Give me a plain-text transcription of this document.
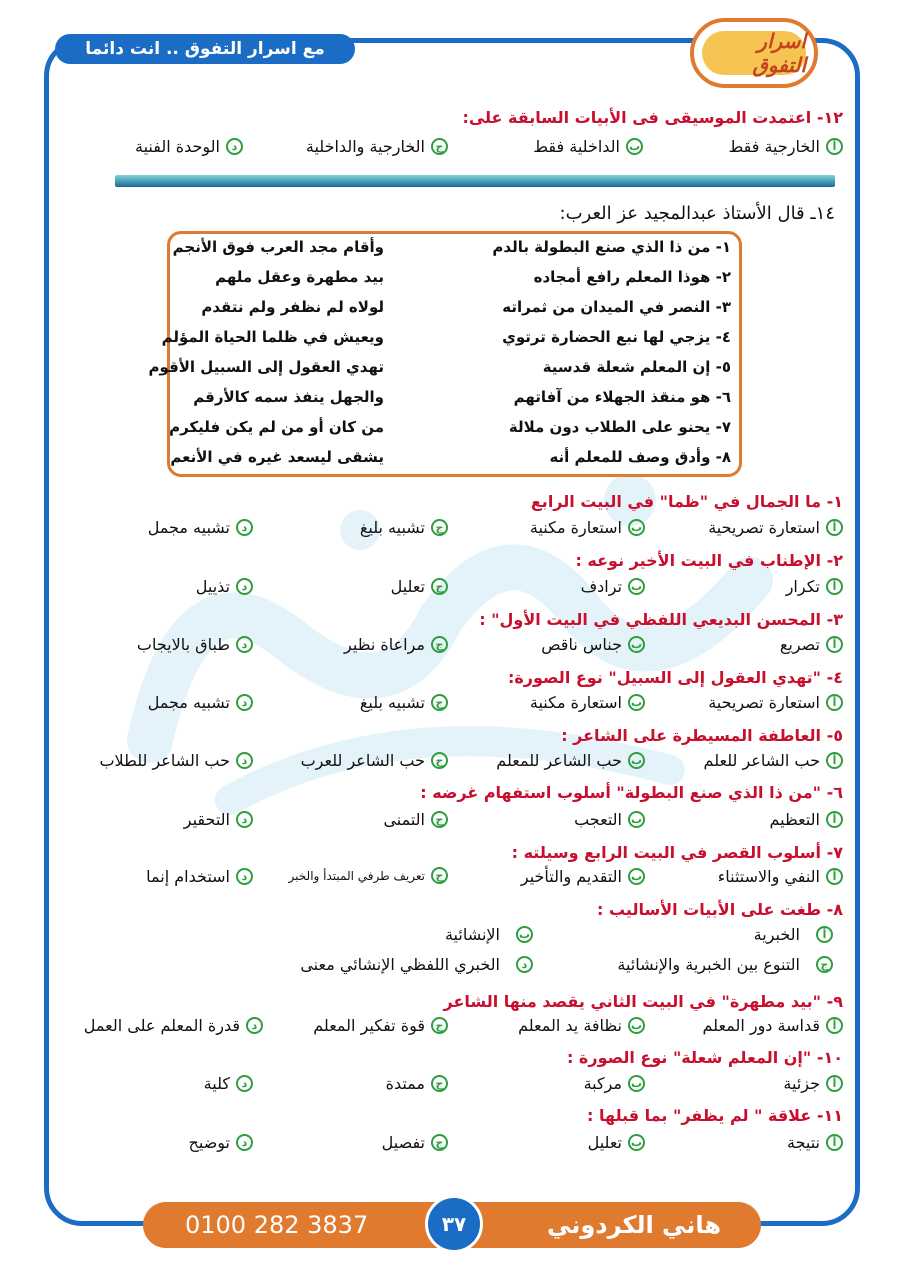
مع اسرار التفوق .. انت دائما متفوق
اسرار التفوق
١٢- اعتمدت الموسيقى فى الأبيات السابقة على:
أ
الخارجية فقط
ب
الداخلية فقط
ج
الخارجية والداخلية
د
الوحدة الفنية
١٤ـ قال الأستاذ عبدالمجيد عز العرب:
١- من ذا الذي صنع البطولة بالدم
وأقام مجد العرب فوق الأنجم
٢- هوذا المعلم رافع أمجاده
بيد مطهرة وعقل ملهم
٣- النصر في الميدان من ثمراته
لولاه لم نظفر ولم نتقدم
٤- يزجي لها نبع الحضارة ترتوي
ويعيش في ظلما الحياة المؤلم
٥- إن المعلم شعلة قدسية
تهدي العقول إلى السبيل الأقوم
٦- هو منقذ الجهلاء من آفاتهم
والجهل ينفذ سمه كالأرقم
٧- يحنو على الطلاب دون ملالة
من كان أو من لم يكن فليكرم
٨- وأدق وصف للمعلم أنه
يشقى ليسعد غيره في الأنعم
١- ما الجمال في "ظما" في البيت الرابع
أ
استعارة تصريحية
ب
استعارة مكنية
ج
تشبيه بليغ
د
تشبيه مجمل
٢- الإطناب في البيت الأخير نوعه :
أ
تكرار
ب
ترادف
ج
تعليل
د
تذييل
٣- المحسن البديعي اللفظي في البيت الأول" :
أ
تصريع
ب
جناس ناقص
ج
مراعاة نظير
د
طباق بالايجاب
٤- "تهدي العقول إلى السبيل" نوع الصورة:
أ
استعارة تصريحية
ب
استعارة مكنية
ج
تشبيه بليغ
د
تشبيه مجمل
٥- العاطفة المسيطرة على الشاعر :
أ
حب الشاعر للعلم
ب
حب الشاعر للمعلم
ج
حب الشاعر للعرب
د
حب الشاعر للطلاب
٦- "من ذا الذي صنع البطولة" أسلوب استفهام غرضه :
أ
التعظيم
ب
التعجب
ج
التمنى
د
التحقير
٧- أسلوب القصر في البيت الرابع وسيلته :
أ
النفي والاستثناء
ب
التقديم والتأخير
ج
تعريف طرفي المبتدأ والخبر
د
استخدام إنما
٨- طغت على الأبيات الأساليب :
أ
الخبرية
ب
الإنشائية
ج
التنوع بين الخبرية والإنشائية
د
الخبري اللفظي الإنشائي معنى
٩- "بيد مطهرة" في البيت الثاني يقصد منها الشاعر
أ
قداسة دور المعلم
ب
نظافة يد المعلم
ج
قوة تفكير المعلم
د
قدرة المعلم على العمل
١٠- "إن المعلم شعلة" نوع الصورة :
أ
جزئية
ب
مركبة
ج
ممتدة
د
كلية
١١- علاقة " لم يظفر" بما قبلها :
أ
نتيجة
ب
تعليل
ج
تفصيل
د
توضيح
هاني الكردوني
0100 282 3837	٣٧
